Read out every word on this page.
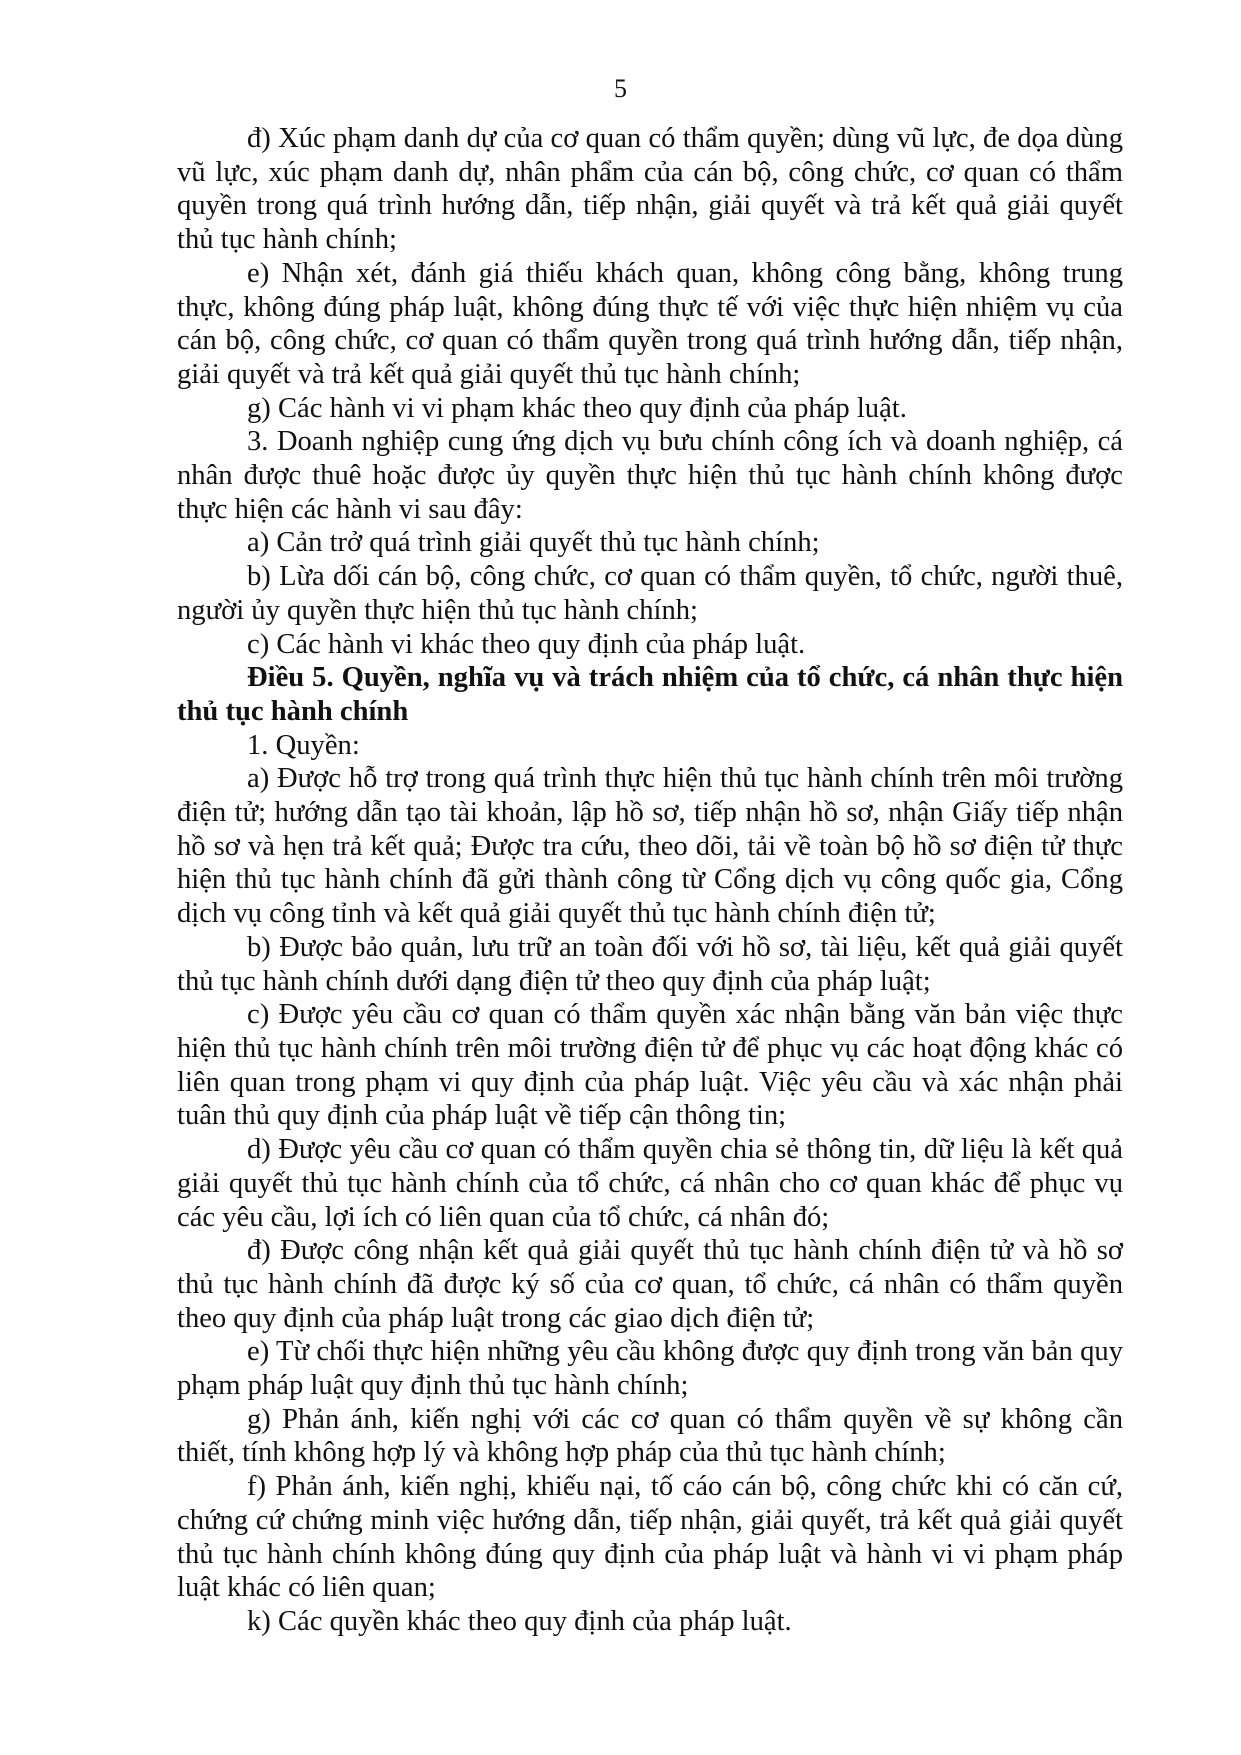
5

đ) Xúc phạm danh dự của cơ quan có thẩm quyền; dùng vũ lực, đe dọa dùng vũ lực, xúc phạm danh dự, nhân phẩm của cán bộ, công chức, cơ quan có thẩm quyền trong quá trình hướng dẫn, tiếp nhận, giải quyết và trả kết quả giải quyết thủ tục hành chính;

e) Nhận xét, đánh giá thiếu khách quan, không công bằng, không trung thực, không đúng pháp luật, không đúng thực tế với việc thực hiện nhiệm vụ của cán bộ, công chức, cơ quan có thẩm quyền trong quá trình hướng dẫn, tiếp nhận, giải quyết và trả kết quả giải quyết thủ tục hành chính;

g) Các hành vi vi phạm khác theo quy định của pháp luật.

3. Doanh nghiệp cung ứng dịch vụ bưu chính công ích và doanh nghiệp, cá nhân được thuê hoặc được ủy quyền thực hiện thủ tục hành chính không được thực hiện các hành vi sau đây:

a) Cản trở quá trình giải quyết thủ tục hành chính;

b) Lừa dối cán bộ, công chức, cơ quan có thẩm quyền, tổ chức, người thuê, người ủy quyền thực hiện thủ tục hành chính;

c) Các hành vi khác theo quy định của pháp luật.

Điều 5. Quyền, nghĩa vụ và trách nhiệm của tổ chức, cá nhân thực hiện thủ tục hành chính

1. Quyền:

a) Được hỗ trợ trong quá trình thực hiện thủ tục hành chính trên môi trường điện tử; hướng dẫn tạo tài khoản, lập hồ sơ, tiếp nhận hồ sơ, nhận Giấy tiếp nhận hồ sơ và hẹn trả kết quả; Được tra cứu, theo dõi, tải về toàn bộ hồ sơ điện tử thực hiện thủ tục hành chính đã gửi thành công từ Cổng dịch vụ công quốc gia, Cổng dịch vụ công tỉnh và kết quả giải quyết thủ tục hành chính điện tử;

b) Được bảo quản, lưu trữ an toàn đối với hồ sơ, tài liệu, kết quả giải quyết thủ tục hành chính dưới dạng điện tử theo quy định của pháp luật;

c) Được yêu cầu cơ quan có thẩm quyền xác nhận bằng văn bản việc thực hiện thủ tục hành chính trên môi trường điện tử để phục vụ các hoạt động khác có liên quan trong phạm vi quy định của pháp luật. Việc yêu cầu và xác nhận phải tuân thủ quy định của pháp luật về tiếp cận thông tin;

d) Được yêu cầu cơ quan có thẩm quyền chia sẻ thông tin, dữ liệu là kết quả giải quyết thủ tục hành chính của tổ chức, cá nhân cho cơ quan khác để phục vụ các yêu cầu, lợi ích có liên quan của tổ chức, cá nhân đó;

đ) Được công nhận kết quả giải quyết thủ tục hành chính điện tử và hồ sơ thủ tục hành chính đã được ký số của cơ quan, tổ chức, cá nhân có thẩm quyền theo quy định của pháp luật trong các giao dịch điện tử;

e) Từ chối thực hiện những yêu cầu không được quy định trong văn bản quy phạm pháp luật quy định thủ tục hành chính;

g) Phản ánh, kiến nghị với các cơ quan có thẩm quyền về sự không cần thiết, tính không hợp lý và không hợp pháp của thủ tục hành chính;

f) Phản ánh, kiến nghị, khiếu nại, tố cáo cán bộ, công chức khi có căn cứ, chứng cứ chứng minh việc hướng dẫn, tiếp nhận, giải quyết, trả kết quả giải quyết thủ tục hành chính không đúng quy định của pháp luật và hành vi vi phạm pháp luật khác có liên quan;

k) Các quyền khác theo quy định của pháp luật.
